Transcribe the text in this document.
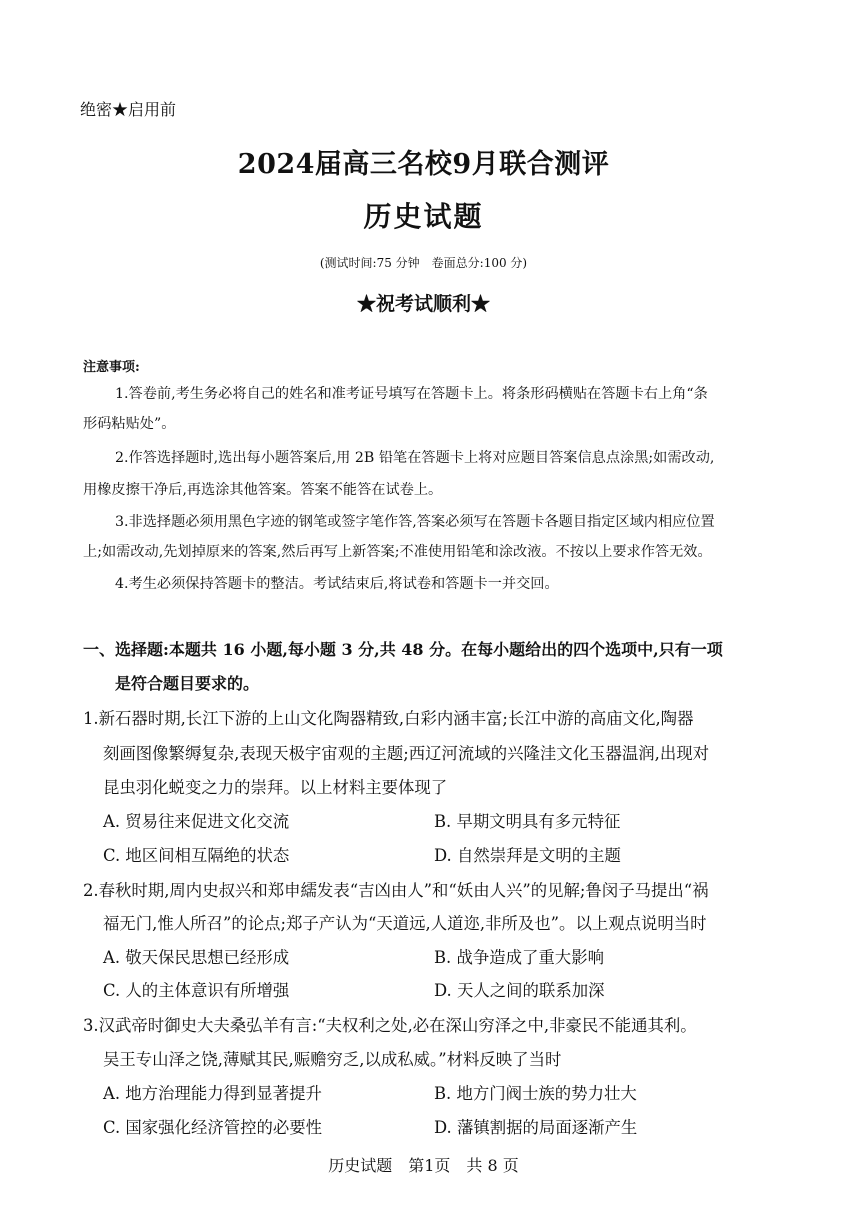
绝密★启用前
2024届高三名校9月联合测评
历史试题
(测试时间:75 分钟　卷面总分:100 分)
★祝考试顺利★
注意事项:
1.答卷前,考生务必将自己的姓名和准考证号填写在答题卡上。将条形码横贴在答题卡右上角“条
形码粘贴处”。
2.作答选择题时,选出每小题答案后,用 2B 铅笔在答题卡上将对应题目答案信息点涂黑;如需改动,
用橡皮擦干净后,再选涂其他答案。答案不能答在试卷上。
3.非选择题必须用黑色字迹的钢笔或签字笔作答,答案必须写在答题卡各题目指定区域内相应位置
上;如需改动,先划掉原来的答案,然后再写上新答案;不准使用铅笔和涂改液。不按以上要求作答无效。
4.考生必须保持答题卡的整洁。考试结束后,将试卷和答题卡一并交回。
一、选择题:本题共 16 小题,每小题 3 分,共 48 分。在每小题给出的四个选项中,只有一项
是符合题目要求的。
1.新石器时期,长江下游的上山文化陶器精致,白彩内涵丰富;长江中游的高庙文化,陶器
刻画图像繁缛复杂,表现天极宇宙观的主题;西辽河流域的兴隆洼文化玉器温润,出现对
昆虫羽化蜕变之力的崇拜。以上材料主要体现了
A. 贸易往来促进文化交流	B. 早期文明具有多元特征
C. 地区间相互隔绝的状态	D. 自然崇拜是文明的主题
2.春秋时期,周内史叔兴和郑申繻发表“吉凶由人”和“妖由人兴”的见解;鲁闵子马提出“祸
福无门,惟人所召”的论点;郑子产认为“天道远,人道迩,非所及也”。以上观点说明当时
A. 敬天保民思想已经形成	B. 战争造成了重大影响
C. 人的主体意识有所增强	D. 天人之间的联系加深
3.汉武帝时御史大夫桑弘羊有言:“夫权利之处,必在深山穷泽之中,非豪民不能通其利。
吴王专山泽之饶,薄赋其民,赈赡穷乏,以成私威。”材料反映了当时
A. 地方治理能力得到显著提升	B. 地方门阀士族的势力壮大
C. 国家强化经济管控的必要性	D. 藩镇割据的局面逐渐产生
历史试题　第1页　共 8 页
